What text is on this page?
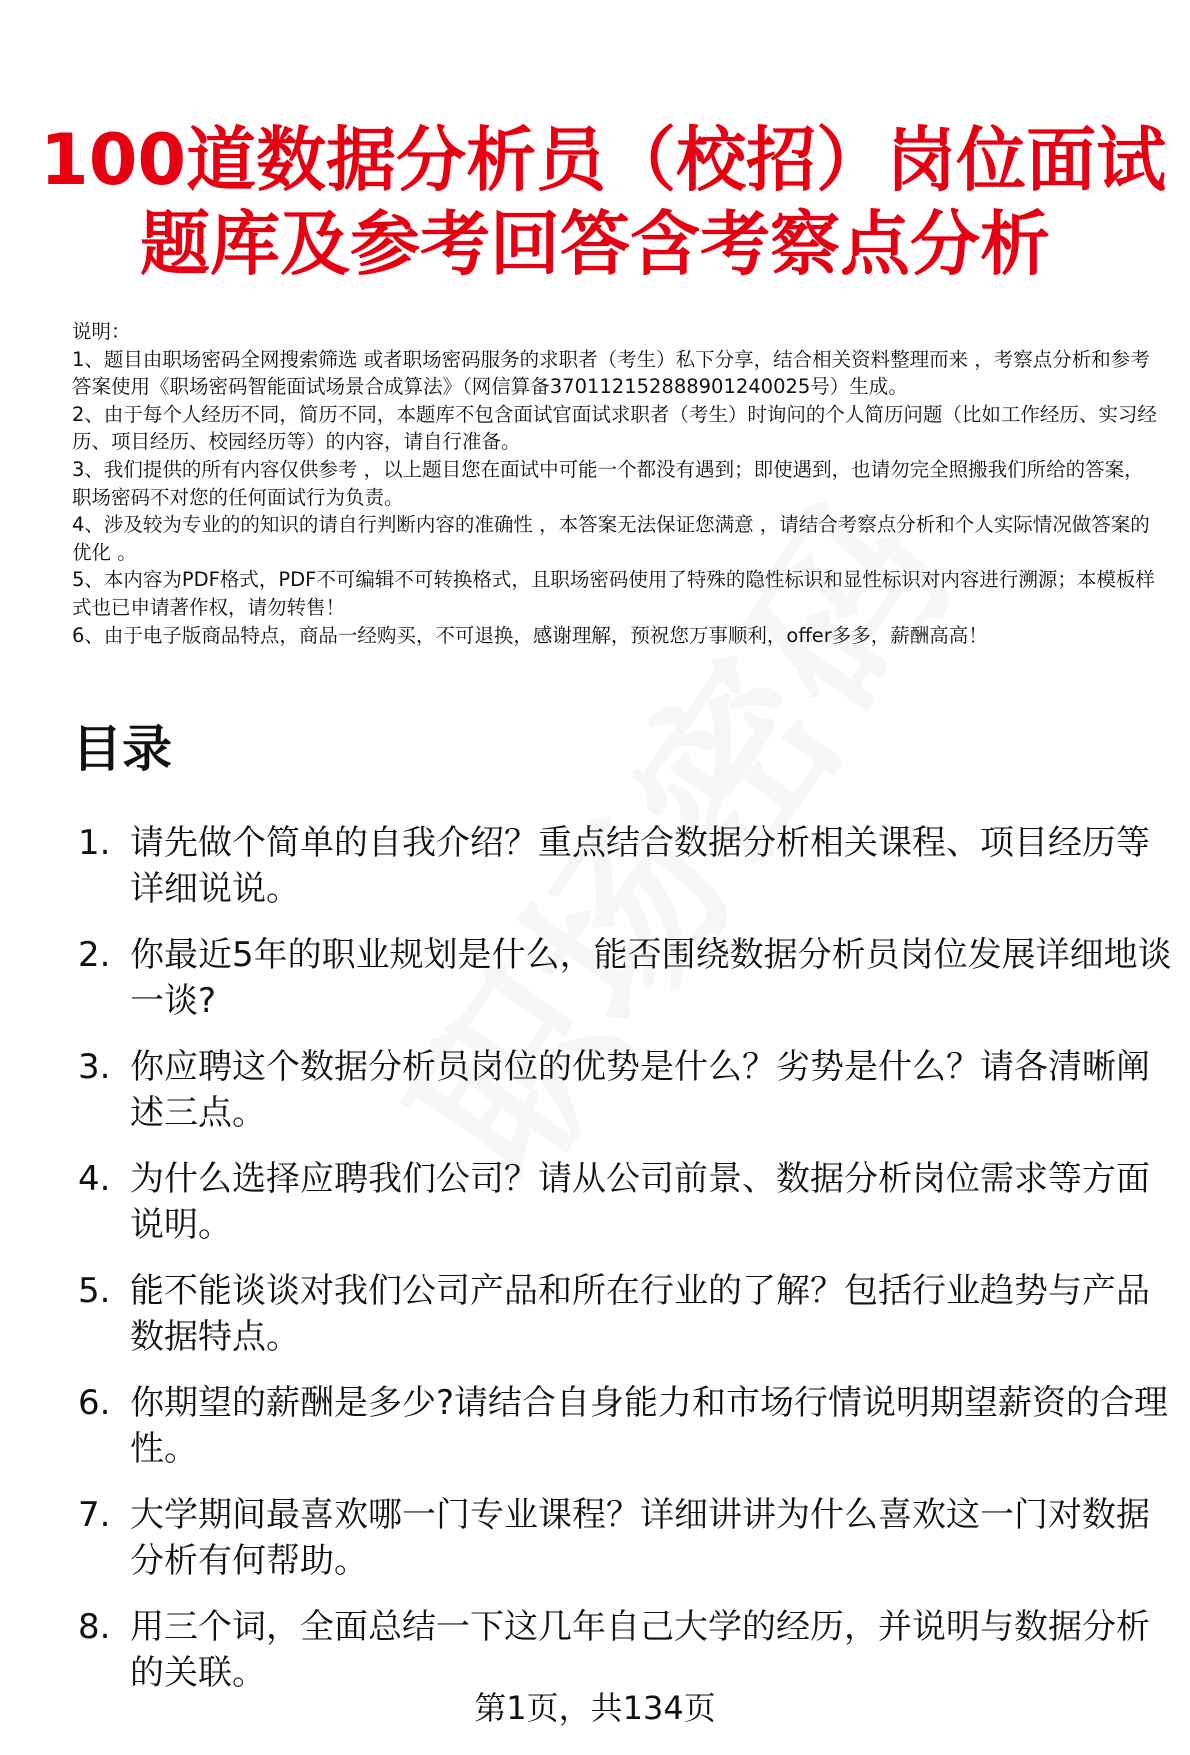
100道数据分析员（校招）岗位面试
题库及参考回答含考察点分析

说明：

1、题目由职场密码全网搜索筛选 或者职场密码服务的求职者（考生）私下分享，结合相关资料整理而来 ，考察点分析和参考答案使用《职场密码智能面试场景合成算法》（网信算备370112152888901240025号）生成。

2、由于每个人经历不同，简历不同，本题库不包含面试官面试求职者（考生）时询问的个人简历问题（比如工作经历、实习经历、项目经历、校园经历等）的内容，请自行准备。

3、我们提供的所有内容仅供参考 ，以上题目您在面试中可能一个都没有遇到；即使遇到，也请勿完全照搬我们所给的答案，职场密码不对您的任何面试行为负责。

4、涉及较为专业的的知识的请自行判断内容的准确性 ，本答案无法保证您满意 ，请结合考察点分析和个人实际情况做答案的优化 。

5、本内容为PDF格式，PDF不可编辑不可转换格式，且职场密码使用了特殊的隐性标识和显性标识对内容进行溯源；本模板样式也已申请著作权，请勿转售！

6、由于电子版商品特点，商品一经购买，不可退换，感谢理解，预祝您万事顺利，offer多多，薪酬高高！

目录
1. 请先做个简单的自我介绍？重点结合数据分析相关课程、项目经历等详细说说。
2. 你最近5年的职业规划是什么，能否围绕数据分析员岗位发展详细地谈一谈?
3. 你应聘这个数据分析员岗位的优势是什么？劣势是什么？请各清晰阐述三点。
4. 为什么选择应聘我们公司？请从公司前景、数据分析岗位需求等方面说明。
5. 能不能谈谈对我们公司产品和所在行业的了解？包括行业趋势与产品数据特点。
6. 你期望的薪酬是多少?请结合自身能力和市场行情说明期望薪资的合理性。
7. 大学期间最喜欢哪一门专业课程？详细讲讲为什么喜欢这一门对数据分析有何帮助。
8. 用三个词，全面总结一下这几年自己大学的经历，并说明与数据分析的关联。
第1页，共134页
